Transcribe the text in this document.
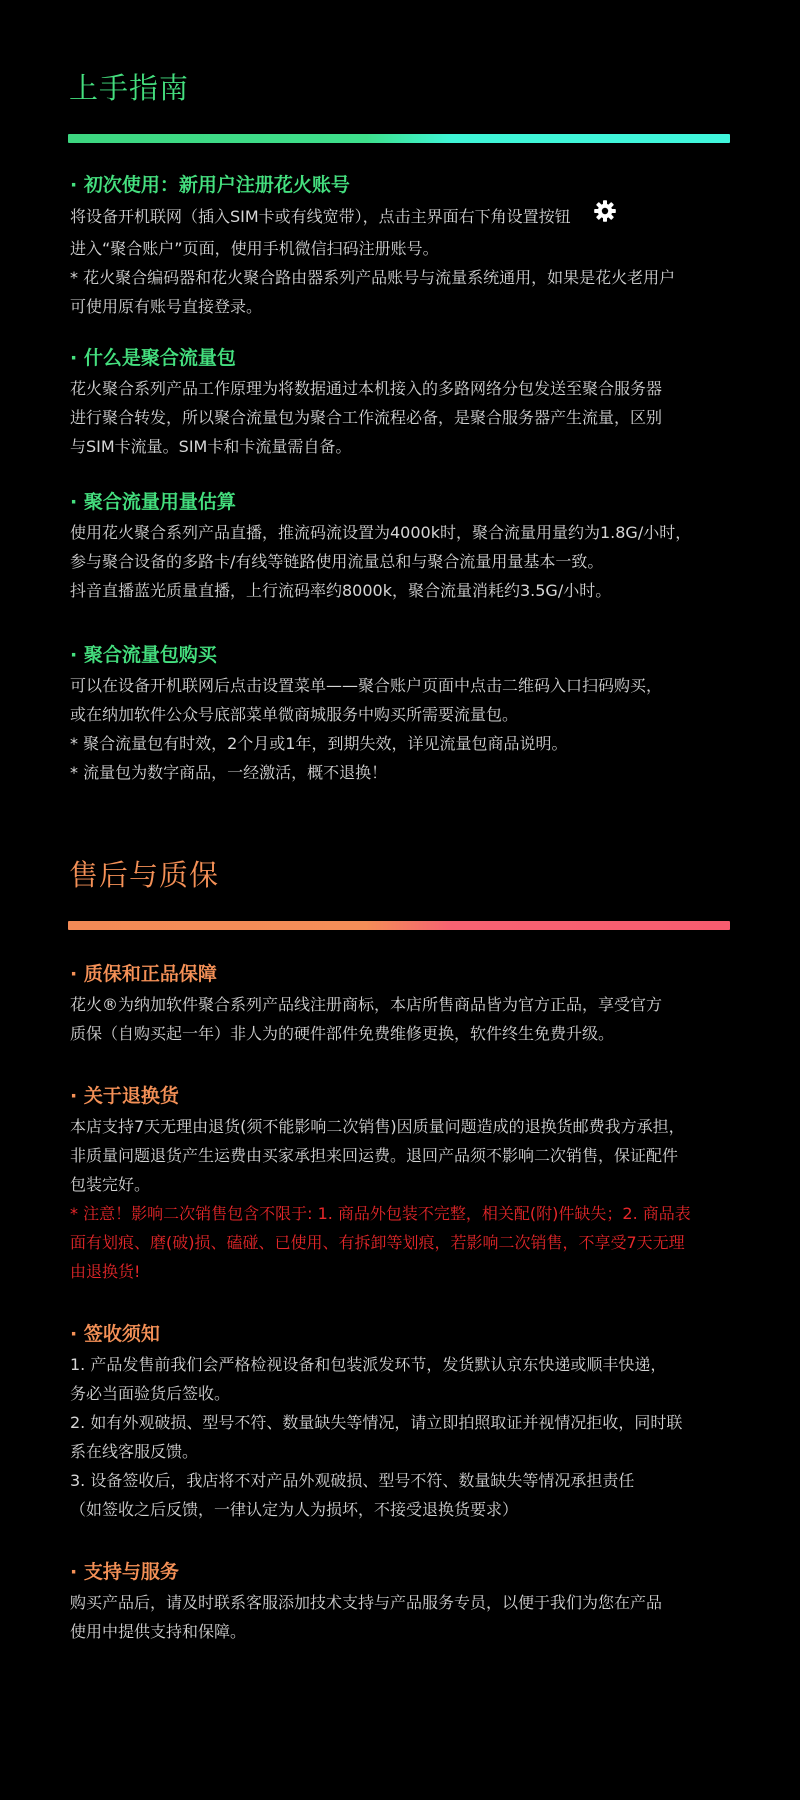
上手指南
· 初次使用：新用户注册花火账号
将设备开机联网（插入SIM卡或有线宽带），点击主界面右下角设置按钮
进入“聚合账户”页面，使用手机微信扫码注册账号。
* 花火聚合编码器和花火聚合路由器系列产品账号与流量系统通用，如果是花火老用户
可使用原有账号直接登录。
· 什么是聚合流量包
花火聚合系列产品工作原理为将数据通过本机接入的多路网络分包发送至聚合服务器
进行聚合转发，所以聚合流量包为聚合工作流程必备，是聚合服务器产生流量，区别
与SIM卡流量。SIM卡和卡流量需自备。
· 聚合流量用量估算
使用花火聚合系列产品直播，推流码流设置为4000k时，聚合流量用量约为1.8G/小时，
参与聚合设备的多路卡/有线等链路使用流量总和与聚合流量用量基本一致。
抖音直播蓝光质量直播，上行流码率约8000k，聚合流量消耗约3.5G/小时。
· 聚合流量包购买
可以在设备开机联网后点击设置菜单——聚合账户页面中点击二维码入口扫码购买，
或在纳加软件公众号底部菜单微商城服务中购买所需要流量包。
* 聚合流量包有时效，2个月或1年，到期失效，详见流量包商品说明。
* 流量包为数字商品，一经激活，概不退换！
售后与质保
· 质保和正品保障
花火®为纳加软件聚合系列产品线注册商标，本店所售商品皆为官方正品，享受官方
质保（自购买起一年）非人为的硬件部件免费维修更换，软件终生免费升级。
· 关于退换货
本店支持7天无理由退货(须不能影响二次销售)因质量问题造成的退换货邮费我方承担，
非质量问题退货产生运费由买家承担来回运费。退回产品须不影响二次销售，保证配件
包装完好。
* 注意！影响二次销售包含不限于: 1. 商品外包装不完整，相关配(附)件缺失；2. 商品表
面有划痕、磨(破)损、磕碰、已使用、有拆卸等划痕，若影响二次销售，不享受7天无理
由退换货!
· 签收须知
1. 产品发售前我们会严格检视设备和包装派发环节，发货默认京东快递或顺丰快递，
务必当面验货后签收。
2. 如有外观破损、型号不符、数量缺失等情况，请立即拍照取证并视情况拒收，同时联
系在线客服反馈。
3. 设备签收后，我店将不对产品外观破损、型号不符、数量缺失等情况承担责任
（如签收之后反馈，一律认定为人为损坏，不接受退换货要求）
· 支持与服务
购买产品后，请及时联系客服添加技术支持与产品服务专员，以便于我们为您在产品
使用中提供支持和保障。
